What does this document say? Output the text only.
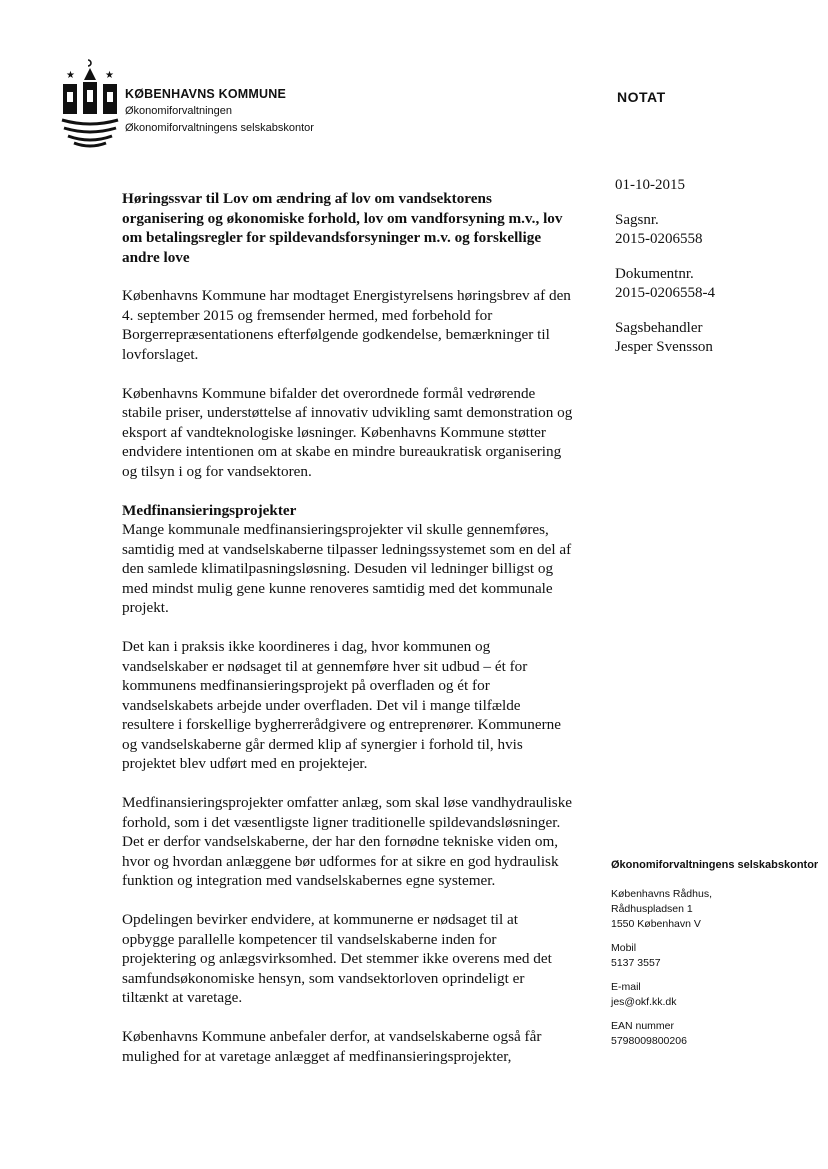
★	★
KØBENHAVNS KOMMUNE
Økonomiforvaltningen
Økonomiforvaltningens selskabskontor
NOTAT
01-10-2015
Sagsnr.
2015-0206558
Dokumentnr.
2015-0206558-4
Sagsbehandler
Jesper Svensson
Høringssvar til Lov om ændring af lov om vandsektorens organisering og økonomiske forhold, lov om vandforsyning m.v., lov om betalingsregler for spildevandsforsyninger m.v. og forskellige andre love

Københavns Kommune har modtaget Energistyrelsens høringsbrev af den 4. september 2015 og fremsender hermed, med forbehold for Borgerrepræsentationens efterfølgende godkendelse, bemærkninger til lovforslaget.

Københavns Kommune bifalder det overordnede formål vedrørende stabile priser, understøttelse af innovativ udvikling samt demonstration og eksport af vandteknologiske løsninger. Københavns Kommune støtter endvidere intentionen om at skabe en mindre bureaukratisk organisering og tilsyn i og for vandsektoren.

Medfinansieringsprojekter

Mange kommunale medfinansieringsprojekter vil skulle gennemføres, samtidig med at vandselskaberne tilpasser ledningssystemet som en del af den samlede klimatilpasningsløsning. Desuden vil ledninger billigst og med mindst mulig gene kunne renoveres samtidig med det kommunale projekt.

Det kan i praksis ikke koordineres i dag, hvor kommunen og vandselskaber er nødsaget til at gennemføre hver sit udbud – ét for kommunens medfinansieringsprojekt på overfladen og ét for vandselskabets arbejde under overfladen. Det vil i mange tilfælde resultere i forskellige bygherrerådgivere og entreprenører. Kommunerne og vandselskaberne går dermed klip af synergier i forhold til, hvis projektet blev udført med en projektejer.

Medfinansieringsprojekter omfatter anlæg, som skal løse vandhydrauliske forhold, som i det væsentligste ligner traditionelle spildevandsløsninger. Det er derfor vandselskaberne, der har den fornødne tekniske viden om, hvor og hvordan anlæggene bør udformes for at sikre en god hydraulisk funktion og integration med vandselskabernes egne systemer.

Opdelingen bevirker endvidere, at kommunerne er nødsaget til at opbygge parallelle kompetencer til vandselskaberne inden for projektering og anlægsvirksomhed. Det stemmer ikke overens med det samfundsøkonomiske hensyn, som vandsektorloven oprindeligt er tiltænkt at varetage.

Københavns Kommune anbefaler derfor, at vandselskaberne også får mulighed for at varetage anlægget af medfinansieringsprojekter,

Økonomiforvaltningens selskabskontor
Københavns Rådhus,
Rådhuspladsen 1
1550 København V
Mobil
5137 3557
E-mail
jes@okf.kk.dk
EAN nummer
5798009800206
